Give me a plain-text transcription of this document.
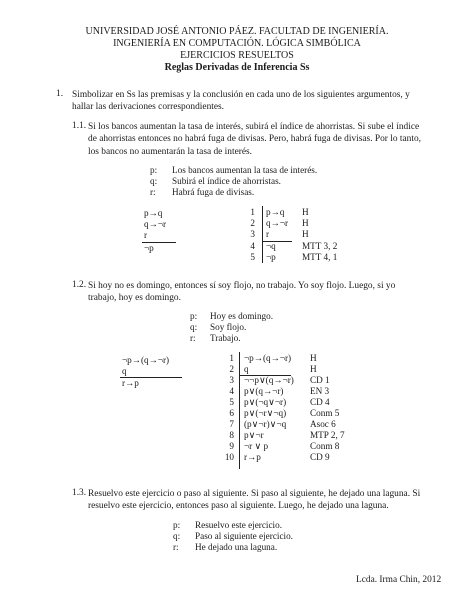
UNIVERSIDAD JOSÉ ANTONIO PÁEZ. FACULTAD DE INGENIERÍA.
INGENIERÍA EN COMPUTACIÓN. LÓGICA SIMBÓLICA
EJERCICIOS RESUELTOS
Reglas Derivadas de Inferencia Ss
1. Simbolizar en Ss las premisas y la conclusión en cada uno de los siguientes argumentos, y
hallar las derivaciones correspondientes.
1.1. Si los bancos aumentan la tasa de interés, subirá el índice de ahorristas. Si sube el índice
de ahorristas entonces no habrá fuga de divisas. Pero, habrá fuga de divisas. Por lo tanto,
los bancos no aumentarán la tasa de interés.
p: Los bancos aumentan la tasa de interés.
q: Subirá el índice de ahorristas.
r: Habrá fuga de divisas.
p→q
q→¬r
r
¬p
1 p→q H
2 q→¬r H
3 r	H
4 ¬q	MTT 3, 2
5 ¬p	MTT 4, 1
1.2. Si hoy no es domingo, entonces sí soy flojo, no trabajo. Yo soy flojo. Luego, si yo
trabajo, hoy es domingo.
p: Hoy es domingo.
q: Soy flojo.
r: Trabajo.
¬p→(q→¬r)
q
r→p
1 ¬p→(q→¬r) H
2 q	H
3 ¬¬p∨(q→¬r) CD 1
4 p∨(q→¬r)	EN 3
5 p∨(¬q∨¬r)	CD 4
6 p∨(¬r∨¬q)	Conm 5
7 (p∨¬r)∨¬q	Asoc 6
8 p∨¬r	MTP 2, 7
9 ¬r ∨ p	Conm 8
10 r→p	CD 9
1.3. Resuelvo este ejercicio o paso al siguiente. Si paso al siguiente, he dejado una laguna. Si
resuelvo este ejercicio, entonces paso al siguiente. Luego, he dejado una laguna.
p: Resuelvo este ejercicio.
q: Paso al siguiente ejercicio.
r: He dejado una laguna.
Lcda. Irma Chin, 2012
